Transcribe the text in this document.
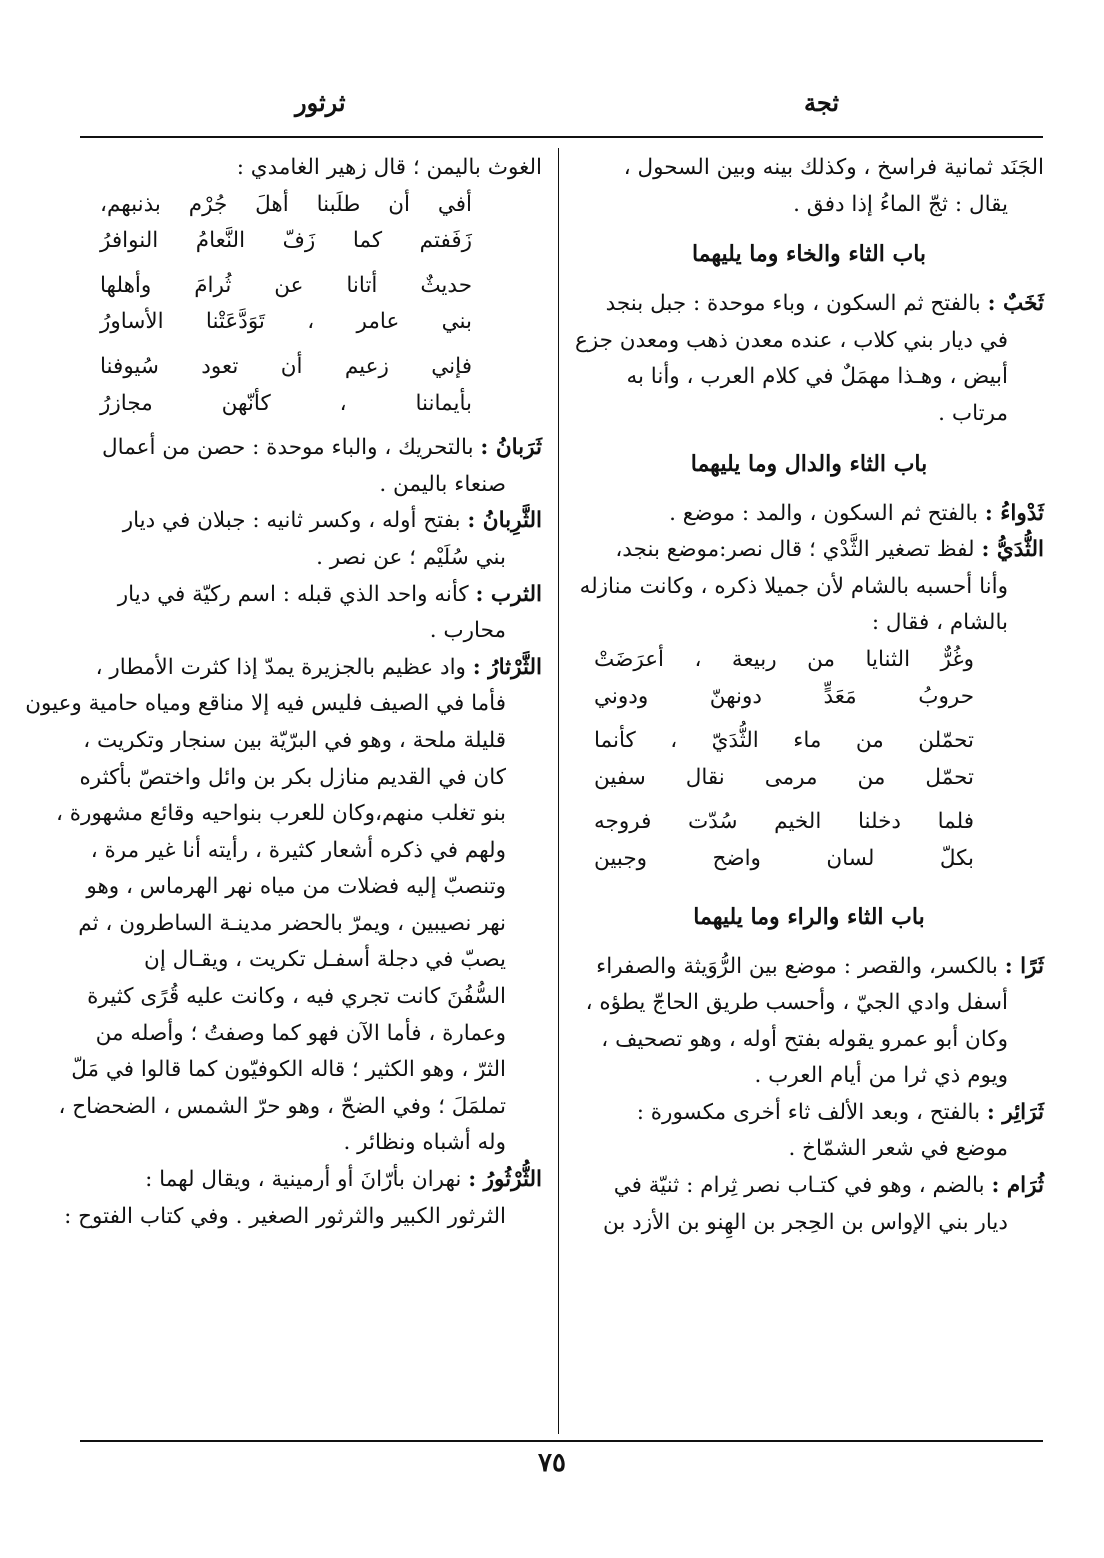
ثجة
ثرثور
الجَنَد ثمانية فراسخ ، وكذلك بينه وبين السحول ،
يقال : ثجّ الماءُ إذا دفق .
باب الثاء والخاء وما يليهما
ثَخَبٌ : بالفتح ثم السكون ، وباء موحدة : جبل بنجد
في ديار بني كلاب ، عنده معدن ذهب ومعدن جزع
أبيض ، وهـذا مهمَلٌ في كلام العرب ، وأنا به
مرتاب .
باب الثاء والدال وما يليهما
ثَدْواءُ : بالفتح ثم السكون ، والمد : موضع .
الثُّدَيُّ : لفظ تصغير الثَّدْي ؛ قال نصر:موضع بنجد،
وأنا أحسبه بالشام لأن جميلا ذكره ، وكانت منازله
بالشام ، فقال :
وغُرٌّ الثنايا من ربيعة ، أعرَضَتْ
حروبُ مَعَدٍّ دونهنّ ودوني
تحمّلن من ماء الثُّدَيّ ، كأنما
تحمّل من مرمى نقال سفين
فلما دخلنا الخيم سُدّت فروجه
بكلّ لسان واضح وجبين
باب الثاء والراء وما يليهما
ثَرًا : بالكسر، والقصر : موضع بين الرُّوَيثة والصفراء
أسفل وادي الجيّ ، وأحسب طريق الحاجّ يطؤه ،
وكان أبو عمرو يقوله بفتح أوله ، وهو تصحيف ،
ويوم ذي ثرا من أيام العرب .
ثَرَائِر : بالفتح ، وبعد الألف ثاء أخرى مكسورة :
موضع في شعر الشمّاخ .
ثُرَام : بالضم ، وهو في كتـاب نصر ثِرام : ثنيّة في
ديار بني الإواس بن الحِجر بن الهِنو بن الأزد بن
الغوث باليمن ؛ قال زهير الغامدي :
أفي أن طلَبنا أهلَ جُرْم بذنبهم،
زَفَفتم كما زَفّ النَّعامُ النوافرُ
حديثٌ أتانا عن ثُرامَ وأهلها
بني عامر ، تَوَدَّعَتْنا الأساورُ
فإني زعيم أن تعود سُيوفنا
بأيماننا ، كأنّهن مجازرُ
ثَرَبانُ : بالتحريك ، والباء موحدة : حصن من أعمال
صنعاء باليمن .
الثَّرِبانُ : بفتح أوله ، وكسر ثانيه : جبلان في ديار
بني سُلَيْم ؛ عن نصر .
الثرب : كأنه واحد الذي قبله : اسم ركيّة في ديار
محارب .
الثَّرْثارُ : واد عظيم بالجزيرة يمدّ إذا كثرت الأمطار ،
فأما في الصيف فليس فيه إلا مناقع ومياه حامية وعيون
قليلة ملحة ، وهو في البرّيّة بين سنجار وتكريت ،
كان في القديم منازل بكر بن وائل واختصّ بأكثره
بنو تغلب منهم،وكان للعرب بنواحيه وقائع مشهورة ،
ولهم في ذكره أشعار كثيرة ، رأيته أنا غير مرة ،
وتنصبّ إليه فضلات من مياه نهر الهرماس ، وهو
نهر نصيبين ، ويمرّ بالحضر مدينـة الساطرون ، ثم
يصبّ في دجلة أسفـل تكريت ، ويقـال إن
السُّفُنَ كانت تجري فيه ، وكانت عليه قُرًى كثيرة
وعمارة ، فأما الآن فهو كما وصفتُ ؛ وأصله من
الثرّ ، وهو الكثير ؛ قاله الكوفيّون كما قالوا في مَلّ
تملمَلَ ؛ وفي الضحّ ، وهو حرّ الشمس ، الضحضاح ،
وله أشباه ونظائر .
الثُّرْثُورُ : نهران بأرّانَ أو أرمينية ، ويقال لهما :
الثرثور الكبير والثرثور الصغير . وفي كتاب الفتوح :
٧٥
